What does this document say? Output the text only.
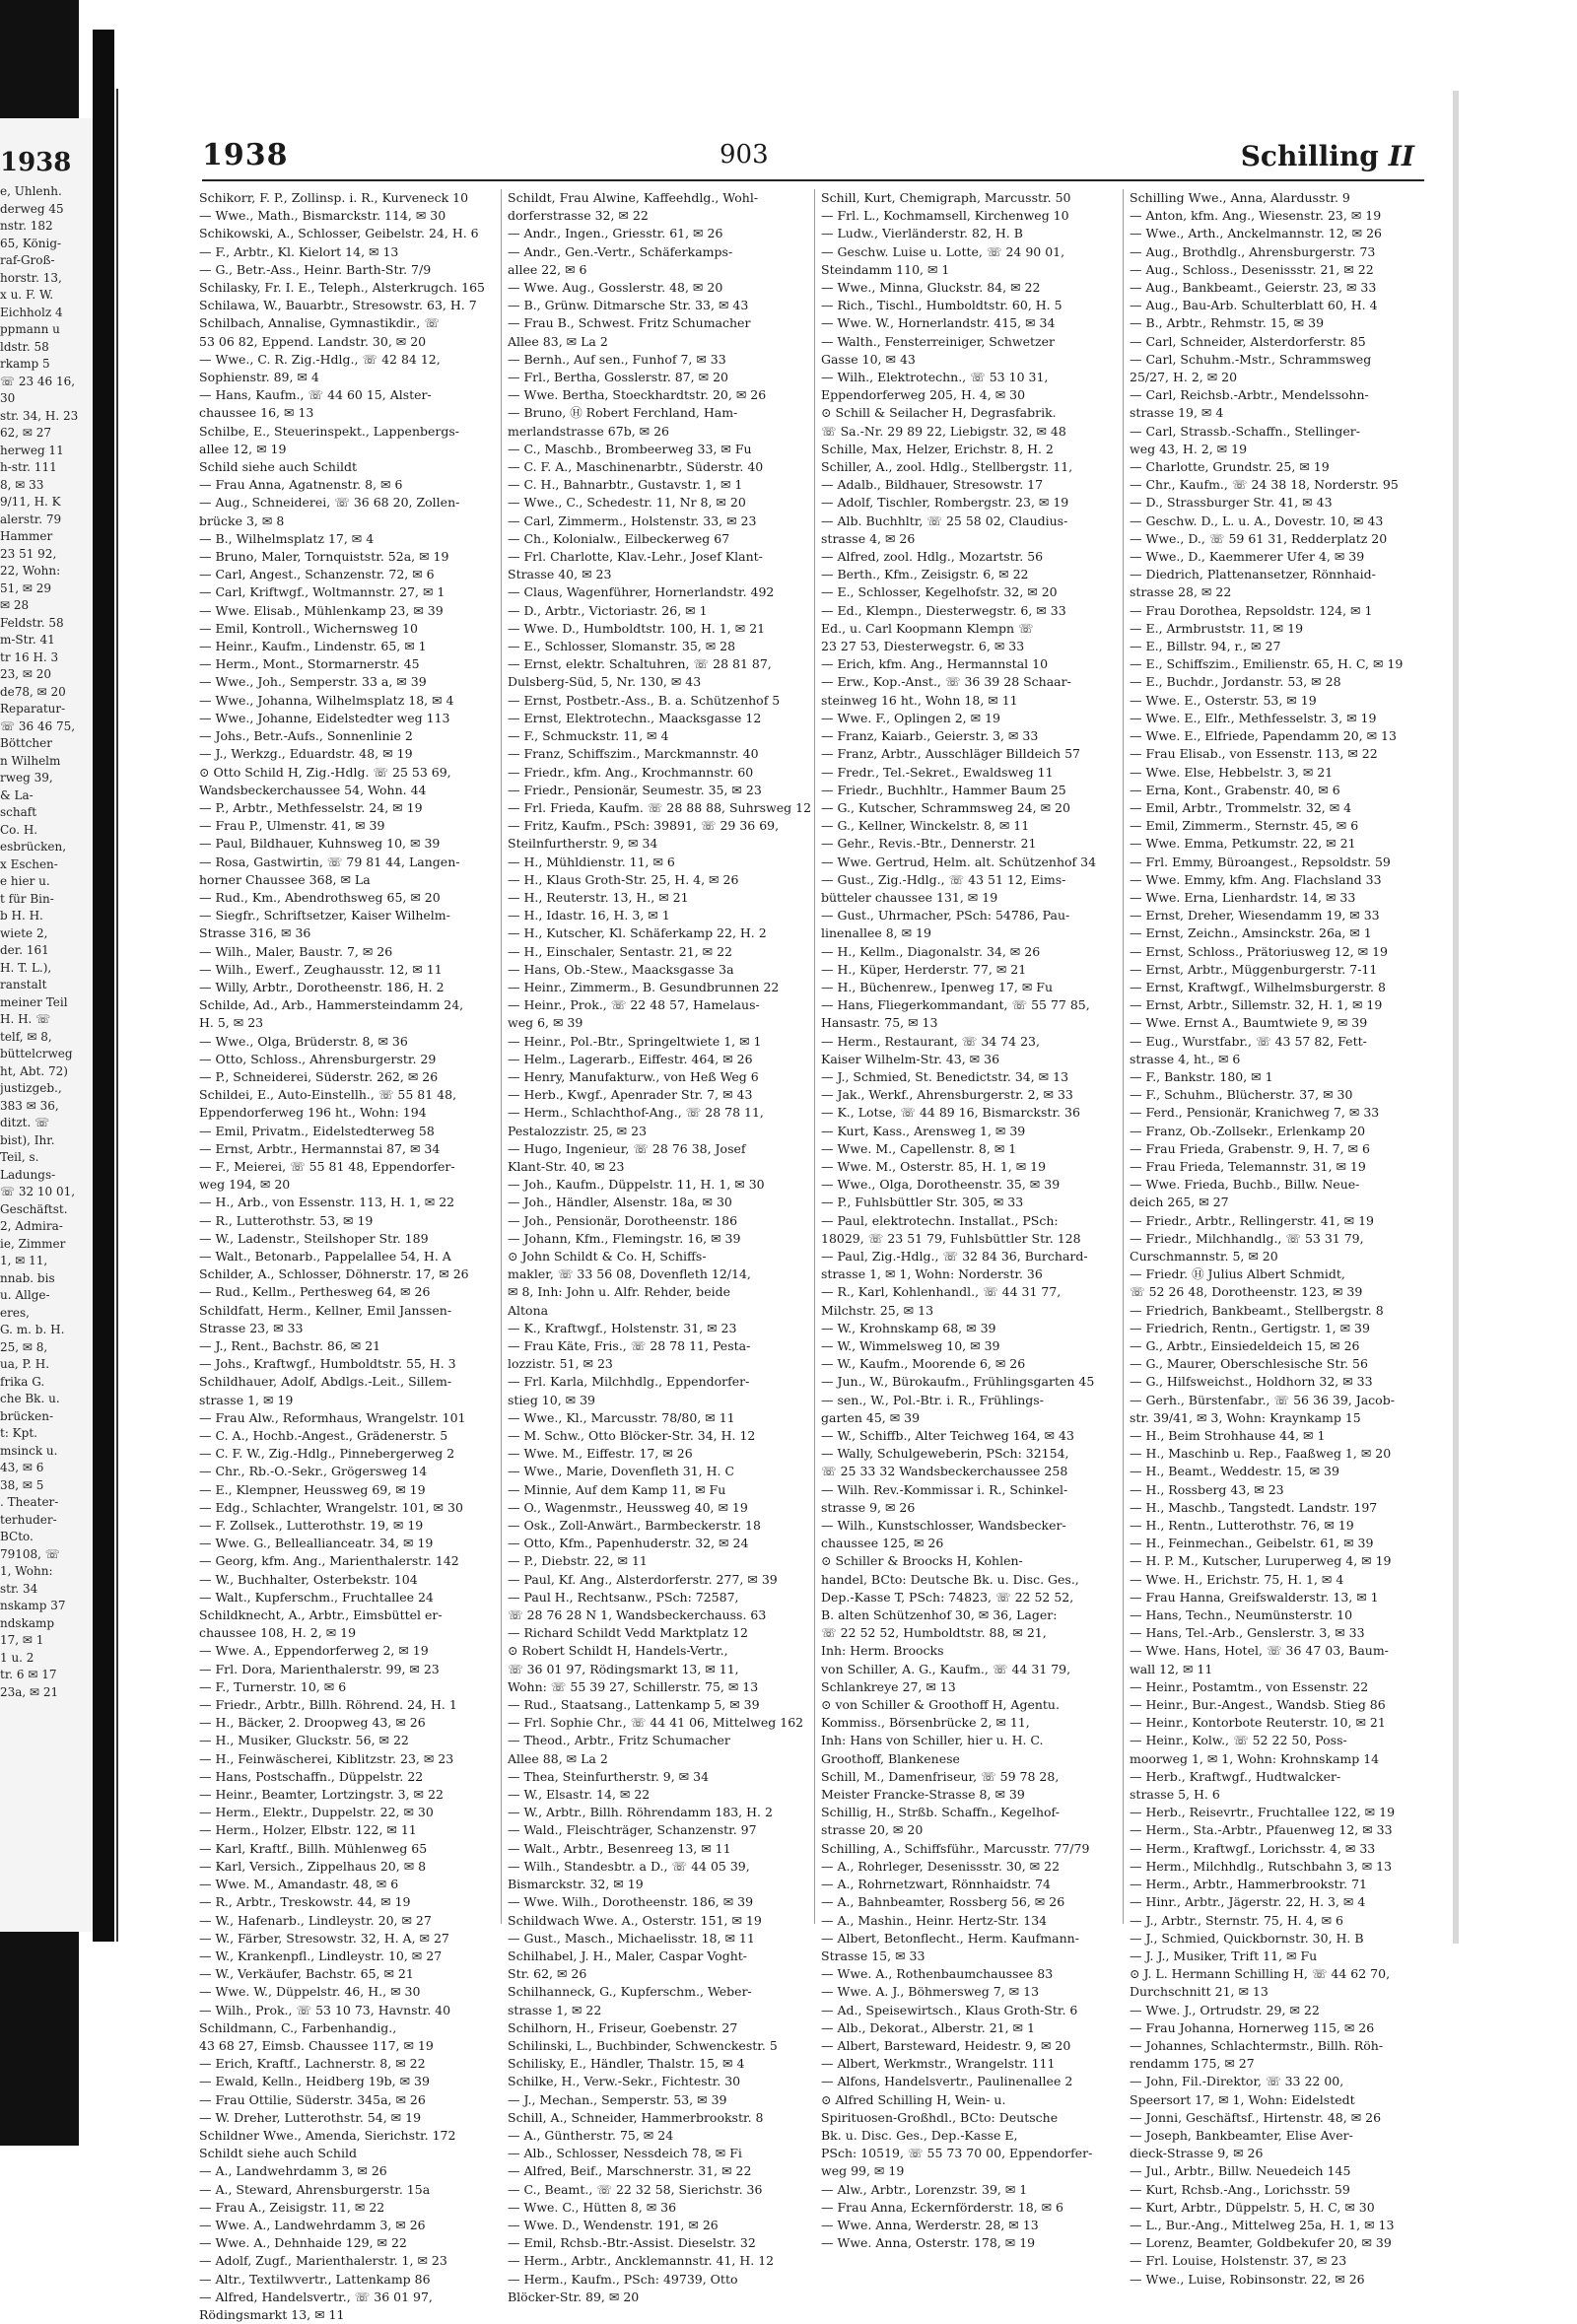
1938
e, Uhlenh.
derweg 45
nstr. 182
65, König-
raf-Groß-
horstr. 13,
x u. F. W.
Eichholz 4
ppmann u
ldstr. 58
rkamp 5
☏ 23 46 16,
30
str. 34, H. 23
62, ✉ 27
herweg 11
h-str. 111
8, ✉ 33
9/11, H. K
alerstr. 79
Hammer
23 51 92,
22, Wohn:
51, ✉ 29
✉ 28
Feldstr. 58
m-Str. 41
tr 16 H. 3
23, ✉ 20
de78, ✉ 20
Reparatur-
☏ 36 46 75,
Böttcher
n Wilhelm
rweg 39,
& La-
schaft
Co. H.
esbrücken,
x Eschen-
e hier u.
t für Bin-
b H. H.
wiete 2,
der. 161
H. T. L.),
ranstalt
meiner Teil
H. H. ☏
telf, ✉ 8,
büttelcrweg
ht, Abt. 72)
justizgeb.,
383 ✉ 36,
ditzt. ☏
bist), Ihr.
Teil, s.
Ladungs-
☏ 32 10 01,
Geschäftst.
2, Admira-
ie, Zimmer
1, ✉ 11,
nnab. bis
u. Allge-
eres,
G. m. b. H.
25, ✉ 8,
ua, P. H.
frika G.
che Bk. u.
brücken-
t: Kpt.
msinck u.
43, ✉ 6
38, ✉ 5
. Theater-
terhuder-
BCto.
79108, ☏
1, Wohn:
str. 34
nskamp 37
ndskamp
17, ✉ 1
1 u. 2
tr. 6 ✉ 17
23a, ✉ 21
1938	903	Schilling II
Schikorr, F. P., Zollinsp. i. R., Kurveneck 10
— Wwe., Math., Bismarckstr. 114, ✉ 30
Schikowski, A., Schlosser, Geibelstr. 24, H. 6
— F., Arbtr., Kl. Kielort 14, ✉ 13
— G., Betr.-Ass., Heinr. Barth-Str. 7/9
Schilasky, Fr. I. E., Teleph., Alsterkrugch. 165
Schilawa, W., Bauarbtr., Stresowstr. 63, H. 7
Schilbach, Annalise, Gymnastikdir., ☏
53 06 82, Eppend. Landstr. 30, ✉ 20
— Wwe., C. R. Zig.-Hdlg., ☏ 42 84 12,
Sophienstr. 89, ✉ 4
— Hans, Kaufm., ☏ 44 60 15, Alster-
chaussee 16, ✉ 13
Schilbe, E., Steuerinspekt., Lappenbergs-
allee 12, ✉ 19
Schild siehe auch Schildt
— Frau Anna, Agatnenstr. 8, ✉ 6
— Aug., Schneiderei, ☏ 36 68 20, Zollen-
brücke 3, ✉ 8
— B., Wilhelmsplatz 17, ✉ 4
— Bruno, Maler, Tornquiststr. 52a, ✉ 19
— Carl, Angest., Schanzenstr. 72, ✉ 6
— Carl, Kriftwgf., Woltmannstr. 27, ✉ 1
— Wwe. Elisab., Mühlenkamp 23, ✉ 39
— Emil, Kontroll., Wichernsweg 10
— Heinr., Kaufm., Lindenstr. 65, ✉ 1
— Herm., Mont., Stormarnerstr. 45
— Wwe., Joh., Semperstr. 33 a, ✉ 39
— Wwe., Johanna, Wilhelmsplatz 18, ✉ 4
— Wwe., Johanne, Eidelstedter weg 113
— Johs., Betr.-Aufs., Sonnenlinie 2
— J., Werkzg., Eduardstr. 48, ✉ 19
⊙ Otto Schild H, Zig.-Hdlg. ☏ 25 53 69,
Wandsbeckerchaussee 54, Wohn. 44
— P., Arbtr., Methfesselstr. 24, ✉ 19
— Frau P., Ulmenstr. 41, ✉ 39
— Paul, Bildhauer, Kuhnsweg 10, ✉ 39
— Rosa, Gastwirtin, ☏ 79 81 44, Langen-
horner Chaussee 368, ✉ La
— Rud., Km., Abendrothsweg 65, ✉ 20
— Siegfr., Schriftsetzer, Kaiser Wilhelm-
Strasse 316, ✉ 36
— Wilh., Maler, Baustr. 7, ✉ 26
— Wilh., Ewerf., Zeughausstr. 12, ✉ 11
— Willy, Arbtr., Dorotheenstr. 186, H. 2
Schilde, Ad., Arb., Hammersteindamm 24,
H. 5, ✉ 23
— Wwe., Olga, Brüderstr. 8, ✉ 36
— Otto, Schloss., Ahrensburgerstr. 29
— P., Schneiderei, Süderstr. 262, ✉ 26
Schildei, E., Auto-Einstellh., ☏ 55 81 48,
Eppendorferweg 196 ht., Wohn: 194
— Emil, Privatm., Eidelstedterweg 58
— Ernst, Arbtr., Hermannstai 87, ✉ 34
— F., Meierei, ☏ 55 81 48, Eppendorfer-
weg 194, ✉ 20
— H., Arb., von Essenstr. 113, H. 1, ✉ 22
— R., Lutterothstr. 53, ✉ 19
— W., Ladenstr., Steilshoper Str. 189
— Walt., Betonarb., Pappelallee 54, H. A
Schilder, A., Schlosser, Döhnerstr. 17, ✉ 26
— Rud., Kellm., Perthesweg 64, ✉ 26
Schildfatt, Herm., Kellner, Emil Janssen-
Strasse 23, ✉ 33
— J., Rent., Bachstr. 86, ✉ 21
— Johs., Kraftwgf., Humboldtstr. 55, H. 3
Schildhauer, Adolf, Abdlgs.-Leit., Sillem-
strasse 1, ✉ 19
— Frau Alw., Reformhaus, Wrangelstr. 101
— C. A., Hochb.-Angest., Grädenerstr. 5
— C. F. W., Zig.-Hdlg., Pinnebergerweg 2
— Chr., Rb.-O.-Sekr., Grögersweg 14
— E., Klempner, Heussweg 69, ✉ 19
— Edg., Schlachter, Wrangelstr. 101, ✉ 30
— F. Zollsek., Lutterothstr. 19, ✉ 19
— Wwe. G., Belleallianceatr. 34, ✉ 19
— Georg, kfm. Ang., Marienthalerstr. 142
— W., Buchhalter, Osterbekstr. 104
— Walt., Kupferschm., Fruchtallee 24
Schildknecht, A., Arbtr., Eimsbüttel er-
chaussee 108, H. 2, ✉ 19
— Wwe. A., Eppendorferweg 2, ✉ 19
— Frl. Dora, Marienthalerstr. 99, ✉ 23
— F., Turnerstr. 10, ✉ 6
— Friedr., Arbtr., Billh. Röhrend. 24, H. 1
— H., Bäcker, 2. Droopweg 43, ✉ 26
— H., Musiker, Gluckstr. 56, ✉ 22
— H., Feinwäscherei, Kiblitzstr. 23, ✉ 23
— Hans, Postschaffn., Düppelstr. 22
— Heinr., Beamter, Lortzingstr. 3, ✉ 22
— Herm., Elektr., Duppelstr. 22, ✉ 30
— Herm., Holzer, Elbstr. 122, ✉ 11
— Karl, Kraftf., Billh. Mühlenweg 65
— Karl, Versich., Zippelhaus 20, ✉ 8
— Wwe. M., Amandastr. 48, ✉ 6
— R., Arbtr., Treskowstr. 44, ✉ 19
— W., Hafenarb., Lindleystr. 20, ✉ 27
— W., Färber, Stresowstr. 32, H. A, ✉ 27
— W., Krankenpfl., Lindleystr. 10, ✉ 27
— W., Verkäufer, Bachstr. 65, ✉ 21
— Wwe. W., Düppelstr. 46, H., ✉ 30
— Wilh., Prok., ☏ 53 10 73, Havnstr. 40
Schildmann, C., Farbenhandig.,
43 68 27, Eimsb. Chaussee 117, ✉ 19
— Erich, Kraftf., Lachnerstr. 8, ✉ 22
— Ewald, Kelln., Heidberg 19b, ✉ 39
— Frau Ottilie, Süderstr. 345a, ✉ 26
— W. Dreher, Lutterothstr. 54, ✉ 19
Schildner Wwe., Amenda, Sierichstr. 172
Schildt siehe auch Schild
— A., Landwehrdamm 3, ✉ 26
— A., Steward, Ahrensburgerstr. 15a
— Frau A., Zeisigstr. 11, ✉ 22
— Wwe. A., Landwehrdamm 3, ✉ 26
— Wwe. A., Dehnhaide 129, ✉ 22
— Adolf, Zugf., Marienthalerstr. 1, ✉ 23
— Altr., Textilwvertr., Lattenkamp 86
— Alfred, Handelsvertr., ☏ 36 01 97,
Rödingsmarkt 13, ✉ 11
Schildt, Frau Alwine, Kaffeehdlg., Wohl-
dorferstrasse 32, ✉ 22
— Andr., Ingen., Griesstr. 61, ✉ 26
— Andr., Gen.-Vertr., Schäferkamps-
allee 22, ✉ 6
— Wwe. Aug., Gosslerstr. 48, ✉ 20
— B., Grünw. Ditmarsche Str. 33, ✉ 43
— Frau B., Schwest. Fritz Schumacher
Allee 83, ✉ La 2
— Bernh., Auf sen., Funhof 7, ✉ 33
— Frl., Bertha, Gosslerstr. 87, ✉ 20
— Wwe. Bertha, Stoeckhardtstr. 20, ✉ 26
— Bruno, Ⓗ Robert Ferchland, Ham-
merlandstrasse 67b, ✉ 26
— C., Maschb., Brombeerweg 33, ✉ Fu
— C. F. A., Maschinenarbtr., Süderstr. 40
— C. H., Bahnarbtr., Gustavstr. 1, ✉ 1
— Wwe., C., Schedestr. 11, Nr 8, ✉ 20
— Carl, Zimmerm., Holstenstr. 33, ✉ 23
— Ch., Kolonialw., Eilbeckerweg 67
— Frl. Charlotte, Klav.-Lehr., Josef Klant-
Strasse 40, ✉ 23
— Claus, Wagenführer, Hornerlandstr. 492
— D., Arbtr., Victoriastr. 26, ✉ 1
— Wwe. D., Humboldtstr. 100, H. 1, ✉ 21
— E., Schlosser, Slomanstr. 35, ✉ 28
— Ernst, elektr. Schaltuhren, ☏ 28 81 87,
Dulsberg-Süd, 5, Nr. 130, ✉ 43
— Ernst, Postbetr.-Ass., B. a. Schützenhof 5
— Ernst, Elektrotechn., Maacksgasse 12
— F., Schmuckstr. 11, ✉ 4
— Franz, Schiffszim., Marckmannstr. 40
— Friedr., kfm. Ang., Krochmannstr. 60
— Friedr., Pensionär, Seumestr. 35, ✉ 23
— Frl. Frieda, Kaufm. ☏ 28 88 88, Suhrsweg 12
— Fritz, Kaufm., PSch: 39891, ☏ 29 36 69,
Steilnfurtherstr. 9, ✉ 34
— H., Mühldienstr. 11, ✉ 6
— H., Klaus Groth-Str. 25, H. 4, ✉ 26
— H., Reuterstr. 13, H., ✉ 21
— H., Idastr. 16, H. 3, ✉ 1
— H., Kutscher, Kl. Schäferkamp 22, H. 2
— H., Einschaler, Sentastr. 21, ✉ 22
— Hans, Ob.-Stew., Maacksgasse 3a
— Heinr., Zimmerm., B. Gesundbrunnen 22
— Heinr., Prok., ☏ 22 48 57, Hamelaus-
weg 6, ✉ 39
— Heinr., Pol.-Btr., Springeltwiete 1, ✉ 1
— Helm., Lagerarb., Eiffestr. 464, ✉ 26
— Henry, Manufakturw., von Heß Weg 6
— Herb., Kwgf., Apenrader Str. 7, ✉ 43
— Herm., Schlachthof-Ang., ☏ 28 78 11,
Pestalozzistr. 25, ✉ 23
— Hugo, Ingenieur, ☏ 28 76 38, Josef
Klant-Str. 40, ✉ 23
— Joh., Kaufm., Düppelstr. 11, H. 1, ✉ 30
— Joh., Händler, Alsenstr. 18a, ✉ 30
— Joh., Pensionär, Dorotheenstr. 186
— Johann, Kfm., Flemingstr. 16, ✉ 39
⊙ John Schildt & Co. H, Schiffs-
makler, ☏ 33 56 08, Dovenfleth 12/14,
✉ 8, Inh: John u. Alfr. Rehder, beide
Altona
— K., Kraftwgf., Holstenstr. 31, ✉ 23
— Frau Käte, Fris., ☏ 28 78 11, Pesta-
lozzistr. 51, ✉ 23
— Frl. Karla, Milchhdlg., Eppendorfer-
stieg 10, ✉ 39
— Wwe., Kl., Marcusstr. 78/80, ✉ 11
— M. Schw., Otto Blöcker-Str. 34, H. 12
— Wwe. M., Eiffestr. 17, ✉ 26
— Wwe., Marie, Dovenfleth 31, H. C
— Minnie, Auf dem Kamp 11, ✉ Fu
— O., Wagenmstr., Heussweg 40, ✉ 19
— Osk., Zoll-Anwärt., Barmbeckerstr. 18
— Otto, Kfm., Papenhuderstr. 32, ✉ 24
— P., Diebstr. 22, ✉ 11
— Paul, Kf. Ang., Alsterdorferstr. 277, ✉ 39
— Paul H., Rechtsanw., PSch: 72587,
☏ 28 76 28 N 1, Wandsbeckerchauss. 63
— Richard Schildt Vedd Marktplatz 12
⊙ Robert Schildt H, Handels-Vertr.,
☏ 36 01 97, Rödingsmarkt 13, ✉ 11,
Wohn: ☏ 55 39 27, Schillerstr. 75, ✉ 13
— Rud., Staatsang., Lattenkamp 5, ✉ 39
— Frl. Sophie Chr., ☏ 44 41 06, Mittelweg 162
— Theod., Arbtr., Fritz Schumacher
Allee 88, ✉ La 2
— Thea, Steinfurtherstr. 9, ✉ 34
— W., Elsastr. 14, ✉ 22
— W., Arbtr., Billh. Röhrendamm 183, H. 2
— Wald., Fleischträger, Schanzenstr. 97
— Walt., Arbtr., Besenreeg 13, ✉ 11
— Wilh., Standesbtr. a D., ☏ 44 05 39,
Bismarckstr. 32, ✉ 19
— Wwe. Wilh., Dorotheenstr. 186, ✉ 39
Schildwach Wwe. A., Osterstr. 151, ✉ 19
— Gust., Masch., Michaelisstr. 18, ✉ 11
Schilhabel, J. H., Maler, Caspar Voght-
Str. 62, ✉ 26
Schilhanneck, G., Kupferschm., Weber-
strasse 1, ✉ 22
Schilhorn, H., Friseur, Goebenstr. 27
Schilinski, L., Buchbinder, Schwenckestr. 5
Schilisky, E., Händler, Thalstr. 15, ✉ 4
Schilke, H., Verw.-Sekr., Fichtestr. 30
— J., Mechan., Semperstr. 53, ✉ 39
Schill, A., Schneider, Hammerbrookstr. 8
— A., Güntherstr. 75, ✉ 24
— Alb., Schlosser, Nessdeich 78, ✉ Fi
— Alfred, Beif., Marschnerstr. 31, ✉ 22
— C., Beamt., ☏ 22 32 58, Sierichstr. 36
— Wwe. C., Hütten 8, ✉ 36
— Wwe. D., Wendenstr. 191, ✉ 26
— Emil, Rchsb.-Btr.-Assist. Dieselstr. 32
— Herm., Arbtr., Ancklemannstr. 41, H. 12
— Herm., Kaufm., PSch: 49739, Otto
Blöcker-Str. 89, ✉ 20
Schill, Kurt, Chemigraph, Marcusstr. 50
— Frl. L., Kochmamsell, Kirchenweg 10
— Ludw., Vierländerstr. 82, H. B
— Geschw. Luise u. Lotte, ☏ 24 90 01,
Steindamm 110, ✉ 1
— Wwe., Minna, Gluckstr. 84, ✉ 22
— Rich., Tischl., Humboldtstr. 60, H. 5
— Wwe. W., Hornerlandstr. 415, ✉ 34
— Walth., Fensterreiniger, Schwetzer
Gasse 10, ✉ 43
— Wilh., Elektrotechn., ☏ 53 10 31,
Eppendorferweg 205, H. 4, ✉ 30
⊙ Schill & Seilacher H, Degrasfabrik.
☏ Sa.-Nr. 29 89 22, Liebigstr. 32, ✉ 48
Schille, Max, Helzer, Erichstr. 8, H. 2
Schiller, A., zool. Hdlg., Stellbergstr. 11,
— Adalb., Bildhauer, Stresowstr. 17
— Adolf, Tischler, Rombergstr. 23, ✉ 19
— Alb. Buchhltr, ☏ 25 58 02, Claudius-
strasse 4, ✉ 26
— Alfred, zool. Hdlg., Mozartstr. 56
— Berth., Kfm., Zeisigstr. 6, ✉ 22
— E., Schlosser, Kegelhofstr. 32, ✉ 20
— Ed., Klempn., Diesterwegstr. 6, ✉ 33
Ed., u. Carl Koopmann Klempn ☏
23 27 53, Diesterwegstr. 6, ✉ 33
— Erich, kfm. Ang., Hermannstal 10
— Erw., Kop.-Anst., ☏ 36 39 28 Schaar-
steinweg 16 ht., Wohn 18, ✉ 11
— Wwe. F., Oplingen 2, ✉ 19
— Franz, Kaiarb., Geierstr. 3, ✉ 33
— Franz, Arbtr., Ausschläger Billdeich 57
— Fredr., Tel.-Sekret., Ewaldsweg 11
— Friedr., Buchhltr., Hammer Baum 25
— G., Kutscher, Schrammsweg 24, ✉ 20
— G., Kellner, Winckelstr. 8, ✉ 11
— Gehr., Revis.-Btr., Dennerstr. 21
— Wwe. Gertrud, Helm. alt. Schützenhof 34
— Gust., Zig.-Hdlg., ☏ 43 51 12, Eims-
bütteler chaussee 131, ✉ 19
— Gust., Uhrmacher, PSch: 54786, Pau-
linenallee 8, ✉ 19
— H., Kellm., Diagonalstr. 34, ✉ 26
— H., Küper, Herderstr. 77, ✉ 21
— H., Büchenrew., Ipenweg 17, ✉ Fu
— Hans, Fliegerkommandant, ☏ 55 77 85,
Hansastr. 75, ✉ 13
— Herm., Restaurant, ☏ 34 74 23,
Kaiser Wilhelm-Str. 43, ✉ 36
— J., Schmied, St. Benedictstr. 34, ✉ 13
— Jak., Werkf., Ahrensburgerstr. 2, ✉ 33
— K., Lotse, ☏ 44 89 16, Bismarckstr. 36
— Kurt, Kass., Arensweg 1, ✉ 39
— Wwe. M., Capellenstr. 8, ✉ 1
— Wwe. M., Osterstr. 85, H. 1, ✉ 19
— Wwe., Olga, Dorotheenstr. 35, ✉ 39
— P., Fuhlsbüttler Str. 305, ✉ 33
— Paul, elektrotechn. Installat., PSch:
18029, ☏ 23 51 79, Fuhlsbüttler Str. 128
— Paul, Zig.-Hdlg., ☏ 32 84 36, Burchard-
strasse 1, ✉ 1, Wohn: Norderstr. 36
— R., Karl, Kohlenhandl., ☏ 44 31 77,
Milchstr. 25, ✉ 13
— W., Krohnskamp 68, ✉ 39
— W., Wimmelsweg 10, ✉ 39
— W., Kaufm., Moorende 6, ✉ 26
— Jun., W., Bürokaufm., Frühlingsgarten 45
— sen., W., Pol.-Btr. i. R., Frühlings-
garten 45, ✉ 39
— W., Schiffb., Alter Teichweg 164, ✉ 43
— Wally, Schulgeweberin, PSch: 32154,
☏ 25 33 32 Wandsbeckerchaussee 258
— Wilh. Rev.-Kommissar i. R., Schinkel-
strasse 9, ✉ 26
— Wilh., Kunstschlosser, Wandsbecker-
chaussee 125, ✉ 26
⊙ Schiller & Broocks H, Kohlen-
handel, BCto: Deutsche Bk. u. Disc. Ges.,
Dep.-Kasse T, PSch: 74823, ☏ 22 52 52,
B. alten Schützenhof 30, ✉ 36, Lager:
☏ 22 52 52, Humboldtstr. 88, ✉ 21,
Inh: Herm. Broocks
von Schiller, A. G., Kaufm., ☏ 44 31 79,
Schlankreye 27, ✉ 13
⊙ von Schiller & Groothoff H, Agentu.
Kommiss., Börsenbrücke 2, ✉ 11,
Inh: Hans von Schiller, hier u. H. C.
Groothoff, Blankenese
Schill, M., Damenfriseur, ☏ 59 78 28,
Meister Francke-Strasse 8, ✉ 39
Schillig, H., Strßb. Schaffn., Kegelhof-
strasse 20, ✉ 20
Schilling, A., Schiffsführ., Marcusstr. 77/79
— A., Rohrleger, Desenissstr. 30, ✉ 22
— A., Rohrnetzwart, Rönnhaidstr. 74
— A., Bahnbeamter, Rossberg 56, ✉ 26
— A., Mashin., Heinr. Hertz-Str. 134
— Albert, Betonflecht., Herm. Kaufmann-
Strasse 15, ✉ 33
— Wwe. A., Rothenbaumchaussee 83
— Wwe. A. J., Böhmersweg 7, ✉ 13
— Ad., Speisewirtsch., Klaus Groth-Str. 6
— Alb., Dekorat., Alberstr. 21, ✉ 1
— Albert, Barsteward, Heidestr. 9, ✉ 20
— Albert, Werkmstr., Wrangelstr. 111
— Alfons, Handelsvertr., Paulinenallee 2
⊙ Alfred Schilling H, Wein- u.
Spirituosen-Großhdl., BCto: Deutsche
Bk. u. Disc. Ges., Dep.-Kasse E,
PSch: 10519, ☏ 55 73 70 00, Eppendorfer-
weg 99, ✉ 19
— Alw., Arbtr., Lorenzstr. 39, ✉ 1
— Frau Anna, Eckernförderstr. 18, ✉ 6
— Wwe. Anna, Werderstr. 28, ✉ 13
— Wwe. Anna, Osterstr. 178, ✉ 19
Schilling Wwe., Anna, Alardusstr. 9
— Anton, kfm. Ang., Wiesenstr. 23, ✉ 19
— Wwe., Arth., Anckelmannstr. 12, ✉ 26
— Aug., Brothdlg., Ahrensburgerstr. 73
— Aug., Schloss., Desenissstr. 21, ✉ 22
— Aug., Bankbeamt., Geierstr. 23, ✉ 33
— Aug., Bau-Arb. Schulterblatt 60, H. 4
— B., Arbtr., Rehmstr. 15, ✉ 39
— Carl, Schneider, Alsterdorferstr. 85
— Carl, Schuhm.-Mstr., Schrammsweg
25/27, H. 2, ✉ 20
— Carl, Reichsb.-Arbtr., Mendelssohn-
strasse 19, ✉ 4
— Carl, Strassb.-Schaffn., Stellinger-
weg 43, H. 2, ✉ 19
— Charlotte, Grundstr. 25, ✉ 19
— Chr., Kaufm., ☏ 24 38 18, Norderstr. 95
— D., Strassburger Str. 41, ✉ 43
— Geschw. D., L. u. A., Dovestr. 10, ✉ 43
— Wwe., D., ☏ 59 61 31, Redderplatz 20
— Wwe., D., Kaemmerer Ufer 4, ✉ 39
— Diedrich, Plattenansetzer, Rönnhaid-
strasse 28, ✉ 22
— Frau Dorothea, Repsoldstr. 124, ✉ 1
— E., Armbruststr. 11, ✉ 19
— E., Billstr. 94, r., ✉ 27
— E., Schiffszim., Emilienstr. 65, H. C, ✉ 19
— E., Buchdr., Jordanstr. 53, ✉ 28
— Wwe. E., Osterstr. 53, ✉ 19
— Wwe. E., Elfr., Methfesselstr. 3, ✉ 19
— Wwe. E., Elfriede, Papendamm 20, ✉ 13
— Frau Elisab., von Essenstr. 113, ✉ 22
— Wwe. Else, Hebbelstr. 3, ✉ 21
— Erna, Kont., Grabenstr. 40, ✉ 6
— Emil, Arbtr., Trommelstr. 32, ✉ 4
— Emil, Zimmerm., Sternstr. 45, ✉ 6
— Wwe. Emma, Petkumstr. 22, ✉ 21
— Frl. Emmy, Büroangest., Repsoldstr. 59
— Wwe. Emmy, kfm. Ang. Flachsland 33
— Wwe. Erna, Lienhardstr. 14, ✉ 33
— Ernst, Dreher, Wiesendamm 19, ✉ 33
— Ernst, Zeichn., Amsinckstr. 26a, ✉ 1
— Ernst, Schloss., Prätoriusweg 12, ✉ 19
— Ernst, Arbtr., Müggenburgerstr. 7-11
— Ernst, Kraftwgf., Wilhelmsburgerstr. 8
— Ernst, Arbtr., Sillemstr. 32, H. 1, ✉ 19
— Wwe. Ernst A., Baumtwiete 9, ✉ 39
— Eug., Wurstfabr., ☏ 43 57 82, Fett-
strasse 4, ht., ✉ 6
— F., Bankstr. 180, ✉ 1
— F., Schuhm., Blücherstr. 37, ✉ 30
— Ferd., Pensionär, Kranichweg 7, ✉ 33
— Franz, Ob.-Zollsekr., Erlenkamp 20
— Frau Frieda, Grabenstr. 9, H. 7, ✉ 6
— Frau Frieda, Telemannstr. 31, ✉ 19
— Wwe. Frieda, Buchb., Billw. Neue-
deich 265, ✉ 27
— Friedr., Arbtr., Rellingerstr. 41, ✉ 19
— Friedr., Milchhandlg., ☏ 53 31 79,
Curschmannstr. 5, ✉ 20
— Friedr. Ⓗ Julius Albert Schmidt,
☏ 52 26 48, Dorotheenstr. 123, ✉ 39
— Friedrich, Bankbeamt., Stellbergstr. 8
— Friedrich, Rentn., Gertigstr. 1, ✉ 39
— G., Arbtr., Einsiedeldeich 15, ✉ 26
— G., Maurer, Oberschlesische Str. 56
— G., Hilfsweichst., Holdhorn 32, ✉ 33
— Gerh., Bürstenfabr., ☏ 56 36 39, Jacob-
str. 39/41, ✉ 3, Wohn: Kraynkamp 15
— H., Beim Strohhause 44, ✉ 1
— H., Maschinb u. Rep., Faaßweg 1, ✉ 20
— H., Beamt., Weddestr. 15, ✉ 39
— H., Rossberg 43, ✉ 23
— H., Maschb., Tangstedt. Landstr. 197
— H., Rentn., Lutterothstr. 76, ✉ 19
— H., Feinmechan., Geibelstr. 61, ✉ 39
— H. P. M., Kutscher, Luruperweg 4, ✉ 19
— Wwe. H., Erichstr. 75, H. 1, ✉ 4
— Frau Hanna, Greifswalderstr. 13, ✉ 1
— Hans, Techn., Neumünsterstr. 10
— Hans, Tel.-Arb., Genslerstr. 3, ✉ 33
— Wwe. Hans, Hotel, ☏ 36 47 03, Baum-
wall 12, ✉ 11
— Heinr., Postamtm., von Essenstr. 22
— Heinr., Bur.-Angest., Wandsb. Stieg 86
— Heinr., Kontorbote Reuterstr. 10, ✉ 21
— Heinr., Kolw., ☏ 52 22 50, Poss-
moorweg 1, ✉ 1, Wohn: Krohnskamp 14
— Herb., Kraftwgf., Hudtwalcker-
strasse 5, H. 6
— Herb., Reisevrtr., Fruchtallee 122, ✉ 19
— Herm., Sta.-Arbtr., Pfauenweg 12, ✉ 33
— Herm., Kraftwgf., Lorichsstr. 4, ✉ 33
— Herm., Milchhdlg., Rutschbahn 3, ✉ 13
— Herm., Arbtr., Hammerbrookstr. 71
— Hinr., Arbtr., Jägerstr. 22, H. 3, ✉ 4
— J., Arbtr., Sternstr. 75, H. 4, ✉ 6
— J., Schmied, Quickbornstr. 30, H. B
— J. J., Musiker, Trift 11, ✉ Fu
⊙ J. L. Hermann Schilling H, ☏ 44 62 70,
Durchschnitt 21, ✉ 13
— Wwe. J., Ortrudstr. 29, ✉ 22
— Frau Johanna, Hornerweg 115, ✉ 26
— Johannes, Schlachtermstr., Billh. Röh-
rendamm 175, ✉ 27
— John, Fil.-Direktor, ☏ 33 22 00,
Speersort 17, ✉ 1, Wohn: Eidelstedt
— Jonni, Geschäftsf., Hirtenstr. 48, ✉ 26
— Joseph, Bankbeamter, Elise Aver-
dieck-Strasse 9, ✉ 26
— Jul., Arbtr., Billw. Neuedeich 145
— Kurt, Rchsb.-Ang., Lorichsstr. 59
— Kurt, Arbtr., Düppelstr. 5, H. C, ✉ 30
— L., Bur.-Ang., Mittelweg 25a, H. 1, ✉ 13
— Lorenz, Beamter, Goldbekufer 20, ✉ 39
— Frl. Louise, Holstenstr. 37, ✉ 23
— Wwe., Luise, Robinsonstr. 22, ✉ 26
